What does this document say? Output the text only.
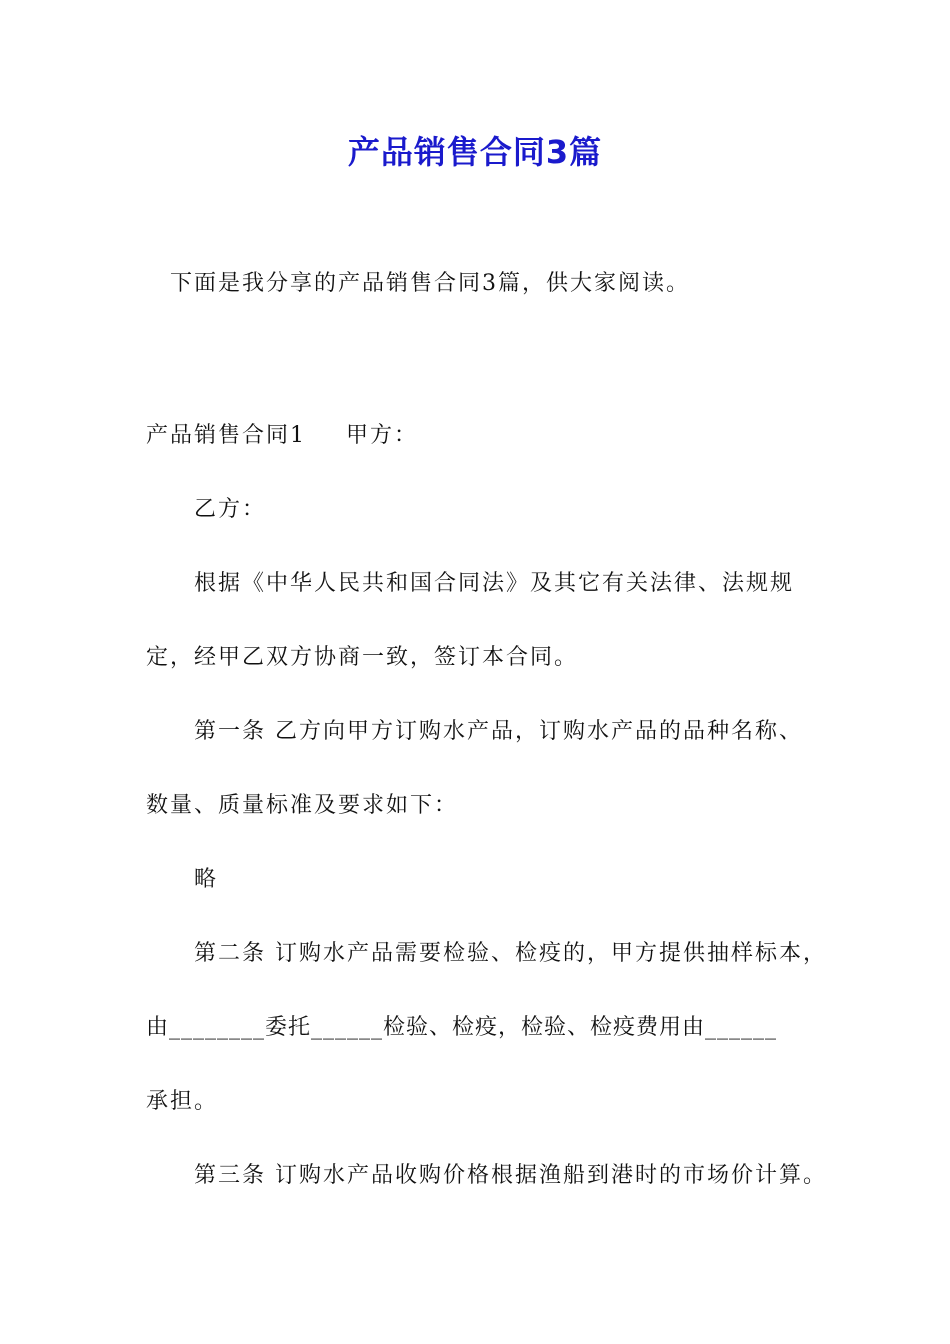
产品销售合同3篇
下面是我分享的产品销售合同3篇，供大家阅读。
产品销售合同1 甲方：
乙方：
根据《中华人民共和国合同法》及其它有关法律、法规规
定，经甲乙双方协商一致，签订本合同。
第一条 乙方向甲方订购水产品，订购水产品的品种名称、
数量、质量标准及要求如下：
略
第二条 订购水产品需要检验、检疫的，甲方提供抽样标本，
由________委托______检验、检疫，检验、检疫费用由______
承担。
第三条 订购水产品收购价格根据渔船到港时的市场价计算。
